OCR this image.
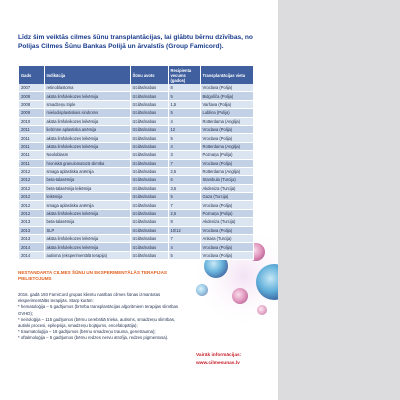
Līdz šim veiktās cilmes šūnu transplantācijas, lai glābtu bērnu dzīvības, no Polijas Cilmes Šūnu Bankas Polijā un ārvalstīs (Group Famicord).

Gads	Indikācija	Šūnu avots	Recipienta vecums (gados)	Transplantācijas vieta
2007	retinoblastoma	Izcilās/nabas	8	Vroclava (Polija)
2008	akūta limfoleikozes leikēmija	Izcilās/nabas	5	Bidgošča (Polija)
2008	smadzeņu triple	Izcilās/nabas	1,5	Varšava (Polija)
2009	mielodisplastiskais sindroms	Izcilās/nabas	5	Lublina (Polija)
2010	akūta limfoleikozes leikēmija	Izcilās/nabas	4	Rotterdama (Anglija)
2011	lielzinne aplastiska anēmija	Izcilās/nabas	12	Vroclava (Polija)
2011	akūta limfoleikozes leikēmija	Izcilās/nabas	5	Vroclava (Polija)
2011	akūta limfoleikozes leikēmija	Izcilās/nabas	4	Rotterdama (Anglija)
2011	Neoloblasm	Izcilās/nabas	3	Poznaņa (Polija)
2011	hroniskā granulomatozā slimība	Izcilās/nabas	7	Vroclava (Polija)
2012	smaga aplastiska anēmija	Izcilās/nabas	2,5	Rotterdama (Anglija)
2012	beta-talasēmija	Izcilās/nabas	6	Stambula (Turcija)
2012	beta-talasēmija leikēmija	Izcilās/nabas	3,5	Akdeniza (Turcija)
2012	leikēmija	Izcilās/nabas	5	Gaza (Turcija)
2012	smaga aplastiska anēmija	Izcilās/nabas	7	Vroclava (Polija)
2012	akūta limfoleikozes leikēmija	Izcilās/nabas	2,5	Poznaņa (Polija)
2013	beta-talasēmija	Izcilās/nabas	8	Akdeniza (Turcija)
2013	SLP	Izcilās/nabas	10/12	Vroclava (Polija)
2013	akūta limfoleikozes leikēmija	Izcilās/nabas	7	Ankara (Turcija)
2014	akūta limfoleikozes leikēmija	Izcilās/nabas	4	Vroclava (Polija)
2014	autisma (eksperimentālā terapija)	Izcilās/nabas	5	Vroclava (Polija)

NESTANDARTA CILMES ŠŪNU UN EKSPERIMENTĀLĀS TERAPIJAS PIELIETOJUMS

2016. gadā 193 FamiCord grupas klientu nasības cilmes šūnas izmantotas eksperimentālās terapijās. Starp kurām:

* hematoloģija – 5 gadījumos (brīvība transplantācijas alģoritmiem terapijas slimības GVHD);

* neiroloģija – 115 gadījumos (bērnu cerebrālā trieka, autisms, smadzeņu slimības, autiski procesi, epilepsija, smadzeņu bojājums, encefalopātija);

* traumatoloģija – 18 gadījumos (bērnu smadzeņu trauma, genetrauma);

* oftalmoloģija – 5 gadījumos (bērnu redzes nervu atrofija, redzes pigmentosa).

Vairāk informācijas:
www.cilmesunas.lv
